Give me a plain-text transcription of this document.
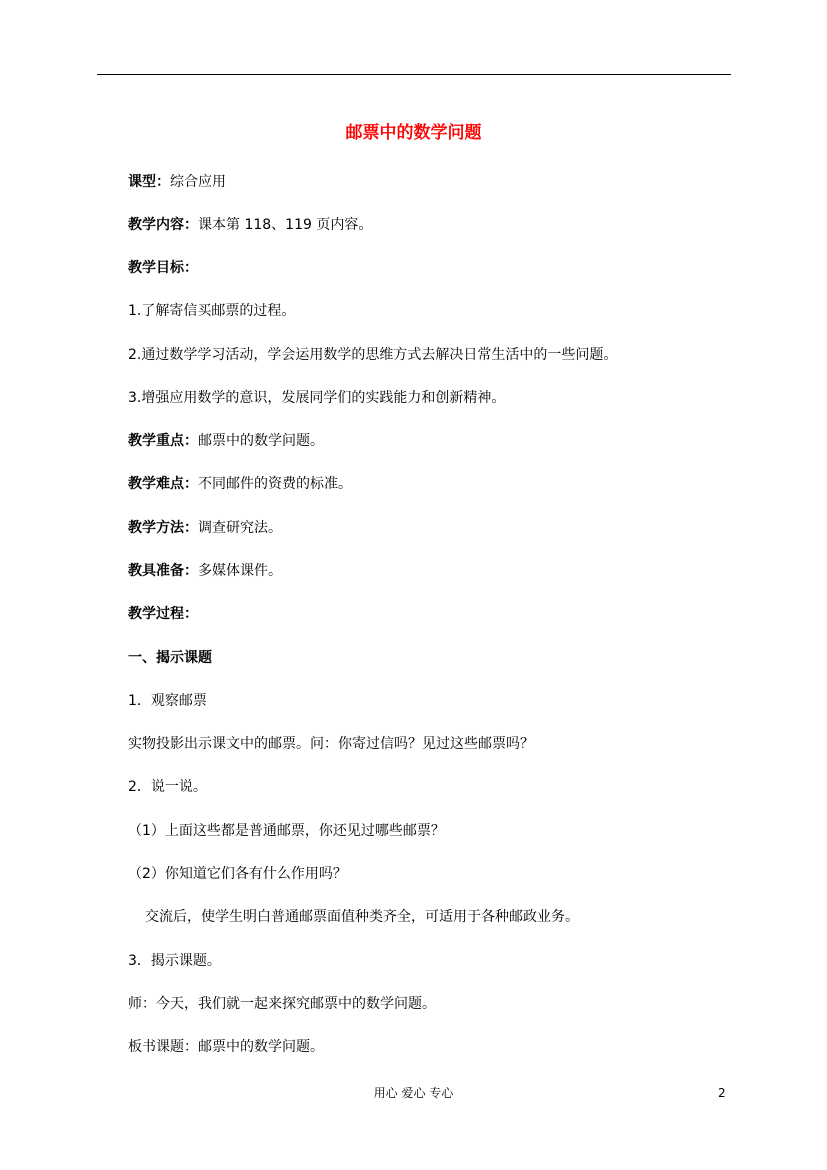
邮票中的数学问题
课型：综合应用
教学内容：课本第 118、119 页内容。
教学目标：
1.了解寄信买邮票的过程。
2.通过数学学习活动，学会运用数学的思维方式去解决日常生活中的一些问题。
3.增强应用数学的意识，发展同学们的实践能力和创新精神。
教学重点：邮票中的数学问题。
教学难点：不同邮件的资费的标准。
教学方法：调查研究法。
教具准备：多媒体课件。
教学过程：
一、揭示课题
1．观察邮票
实物投影出示课文中的邮票。问：你寄过信吗？见过这些邮票吗？
2．说一说。
（1）上面这些都是普通邮票，你还见过哪些邮票？
（2）你知道它们各有什么作用吗？
交流后，使学生明白普通邮票面值种类齐全，可适用于各种邮政业务。
3．揭示课题。
师：今天，我们就一起来探究邮票中的数学问题。
板书课题：邮票中的数学问题。
用心 爱心 专心	2
